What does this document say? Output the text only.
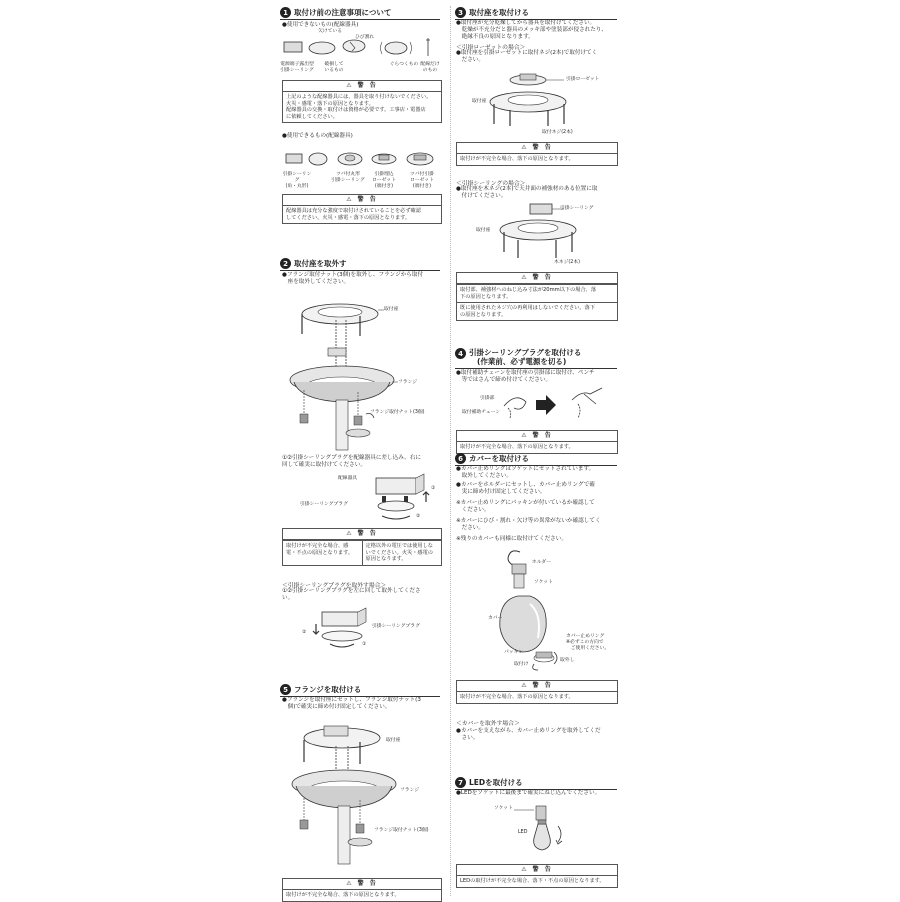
1 取付け前の注意事項について
●使用できないもの(配線器具)
欠けている
ひび割れ
電源端子露出型
引掛シーリング
破損して
いるもの
ぐらつくもの 配線だけ
のもの
⚠ 警 告
上記のような配線器具には、器具を取り付けないでください。
火災・感電・落下の原因となります。
配線器具の交換・取付けは資格が必要です。工事店・電器店
に依頼してください。
●使用できるもの(配線器具)
引掛シーリング
(角・丸形)
ツバ付丸形
引掛シーリング
引掛埋込
ローゼット
(端付き)
ツバ付引掛
ローゼット
(端付き)
⚠ 警 告
配線器具は充分な強度で取付けされていることを必ず確認
してください。火災・感電・落下の原因となります。
2 取付座を取外す
●フランジ取付ナット(3個)を取外し、フランジから取付
　座を取外してください。
取付座
フランジ
フランジ取付ナット(3個)
①②引掛シーリングプラグを配線器具に差し込み、右に
回して確実に取付けてください。
配線器具
引掛シーリングプラグ
①
②
⚠ 警 告
取付けが不完全な場合、感
電・不点の原因となります。
定格以外の電圧では使用しな
いでください。火災・感電の
原因となります。
＜引掛シーリングプラグを取外す場合＞
①②引掛シーリングプラグを左に回して取外してくださ
い。
引掛シーリングプラグ
②
①
5 フランジを取付ける
●フランジを取付座にセットし、フランジ取付ナット(3
　個)で確実に締め付け固定してください。
取付座
フランジ
フランジ取付ナット(3個)
⚠ 警 告
取付けが不完全な場合、落下の原因となります。
3 取付座を取付ける
●取付座が充分乾燥してから器具を取付けてください。
　乾燥が不充分だと器具のメッキ部や塗装部が侵されたり、
　絶縁不良の原因となります。
＜引掛ローゼットの場合＞
●取付座を引掛ローゼットに取付ネジ(2本)で取付けてく
　ださい。
引掛ローゼット
取付座
取付ネジ(2本)
⚠ 警 告
取付けが不完全な場合、落下の原因となります。
＜引掛シーリングの場合＞
●取付座を木ネジ(2本)で天井面の補強材のある位置に取
　付けてください。
引掛シーリング
取付座
木ネジ(2本)
⚠ 警 告
取付部、補強材へのねじ込み寸法が20mm以下の場合、落
下の原因となります。
既に使用されたネジ穴の再利用はしないでください。落下
の原因となります。
4 引掛シーリングプラグを取付ける
(作業前、必ず電源を切る)
●取付補助チェーンを取付座の引掛部に取付け、ペンチ
　等ではさんで締め付けてください。
引掛部
取付補助チェーン
⚠ 警 告
取付けが不完全な場合、落下の原因となります。
6 カバーを取付ける
●カバー止めリングはソケットにセットされています。
　取外してください。
●カバーをホルダーにセットし、カバー止めリングで確
　実に締め付け固定してください。
※カバー止めリングにパッキンが付いているか確認して
　ください。
※カバーにひび・割れ・欠け等の異常がないか確認してく
　ださい。
※残りのカバーも同様に取付けてください。
ホルダー
ソケット
カバー
カバー止めリング
※必ずこの方向で
　ご使用ください。
パッキン
取外し
取付け
⚠ 警 告
取付けが不完全な場合、落下の原因となります。
＜カバーを取外す場合＞
●カバーを支えながら、カバー止めリングを取外してくだ
　さい。
7 LEDを取付ける
●LEDをソケットに最後まで確実にねじ込んでください。
ソケット
LED
⚠ 警 告
LEDの取付けが不完全な場合、落下・不点の原因となります。
